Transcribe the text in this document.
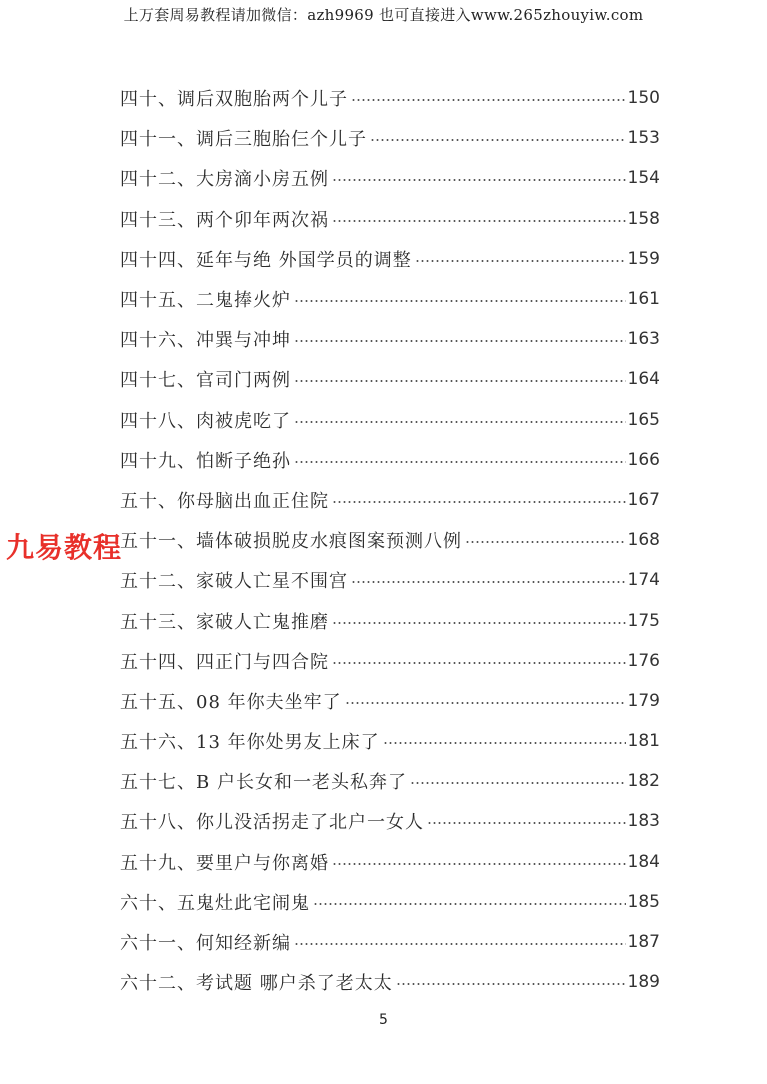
上万套周易教程请加微信：azh9969 也可直接进入www.265zhouyiw.com
四十、调后双胞胎两个儿子	150
四十一、调后三胞胎仨个儿子	153
四十二、大房滴小房五例	154
四十三、两个卯年两次祸	158
四十四、延年与绝 外国学员的调整	159
四十五、二鬼捧火炉	161
四十六、冲巽与冲坤	163
四十七、官司门两例	164
四十八、肉被虎吃了	165
四十九、怕断子绝孙	166
五十、你母脑出血正住院	167
五十一、墙体破损脱皮水痕图案预测八例	168
五十二、家破人亡星不围宫	174
五十三、家破人亡鬼推磨	175
五十四、四正门与四合院	176
五十五、08 年你夫坐牢了	179
五十六、13 年你处男友上床了	181
五十七、B 户长女和一老头私奔了	182
五十八、你儿没活拐走了北户一女人	183
五十九、要里户与你离婚	184
六十、五鬼灶此宅闹鬼	185
六十一、何知经新编	187
六十二、考试题 哪户杀了老太太	189
九易教程
5
